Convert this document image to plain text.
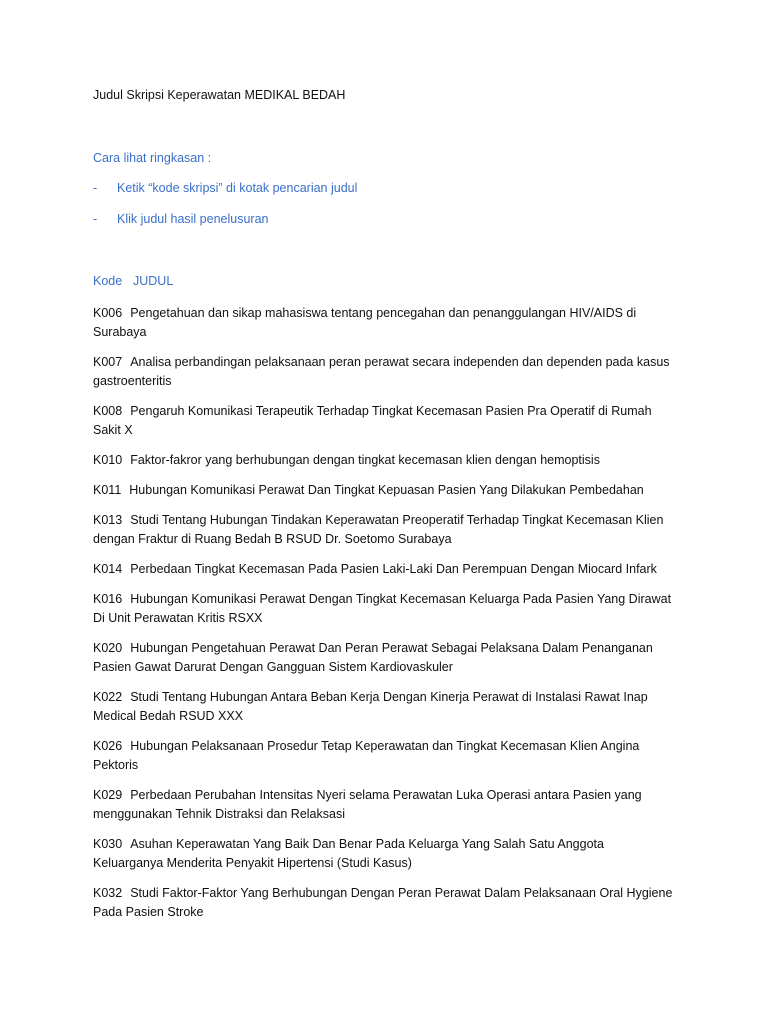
Judul Skripsi Keperawatan MEDIKAL BEDAH
Cara lihat ringkasan :
- Ketik “kode skripsi” di kotak pencarian judul
- Klik judul hasil penelusuran
Kode JUDUL
K006 Pengetahuan dan sikap mahasiswa tentang pencegahan dan penanggulangan HIV/AIDS di Surabaya
K007 Analisa perbandingan pelaksanaan peran perawat secara independen dan dependen pada kasus gastroenteritis
K008 Pengaruh Komunikasi Terapeutik Terhadap Tingkat Kecemasan Pasien Pra Operatif di Rumah Sakit X
K010 Faktor-fakror yang berhubungan dengan tingkat kecemasan klien dengan hemoptisis
K011 Hubungan Komunikasi Perawat Dan Tingkat Kepuasan Pasien Yang Dilakukan Pembedahan
K013 Studi Tentang Hubungan Tindakan Keperawatan Preoperatif Terhadap Tingkat Kecemasan Klien dengan Fraktur di Ruang Bedah B RSUD Dr. Soetomo Surabaya
K014 Perbedaan Tingkat Kecemasan Pada Pasien Laki-Laki Dan Perempuan Dengan Miocard Infark
K016 Hubungan Komunikasi Perawat Dengan Tingkat Kecemasan Keluarga Pada Pasien Yang Dirawat Di Unit Perawatan Kritis RSXX
K020 Hubungan Pengetahuan Perawat Dan Peran Perawat Sebagai Pelaksana Dalam Penanganan Pasien Gawat Darurat Dengan Gangguan Sistem Kardiovaskuler
K022 Studi Tentang Hubungan Antara Beban Kerja Dengan Kinerja Perawat di Instalasi Rawat Inap Medical Bedah RSUD XXX
K026 Hubungan Pelaksanaan Prosedur Tetap Keperawatan dan Tingkat Kecemasan Klien Angina Pektoris
K029 Perbedaan Perubahan Intensitas Nyeri selama Perawatan Luka Operasi antara Pasien yang menggunakan Tehnik Distraksi dan Relaksasi
K030 Asuhan Keperawatan Yang Baik Dan Benar Pada Keluarga Yang Salah Satu Anggota Keluarganya Menderita Penyakit Hipertensi (Studi Kasus)
K032 Studi Faktor-Faktor Yang Berhubungan Dengan Peran Perawat Dalam Pelaksanaan Oral Hygiene Pada Pasien Stroke
